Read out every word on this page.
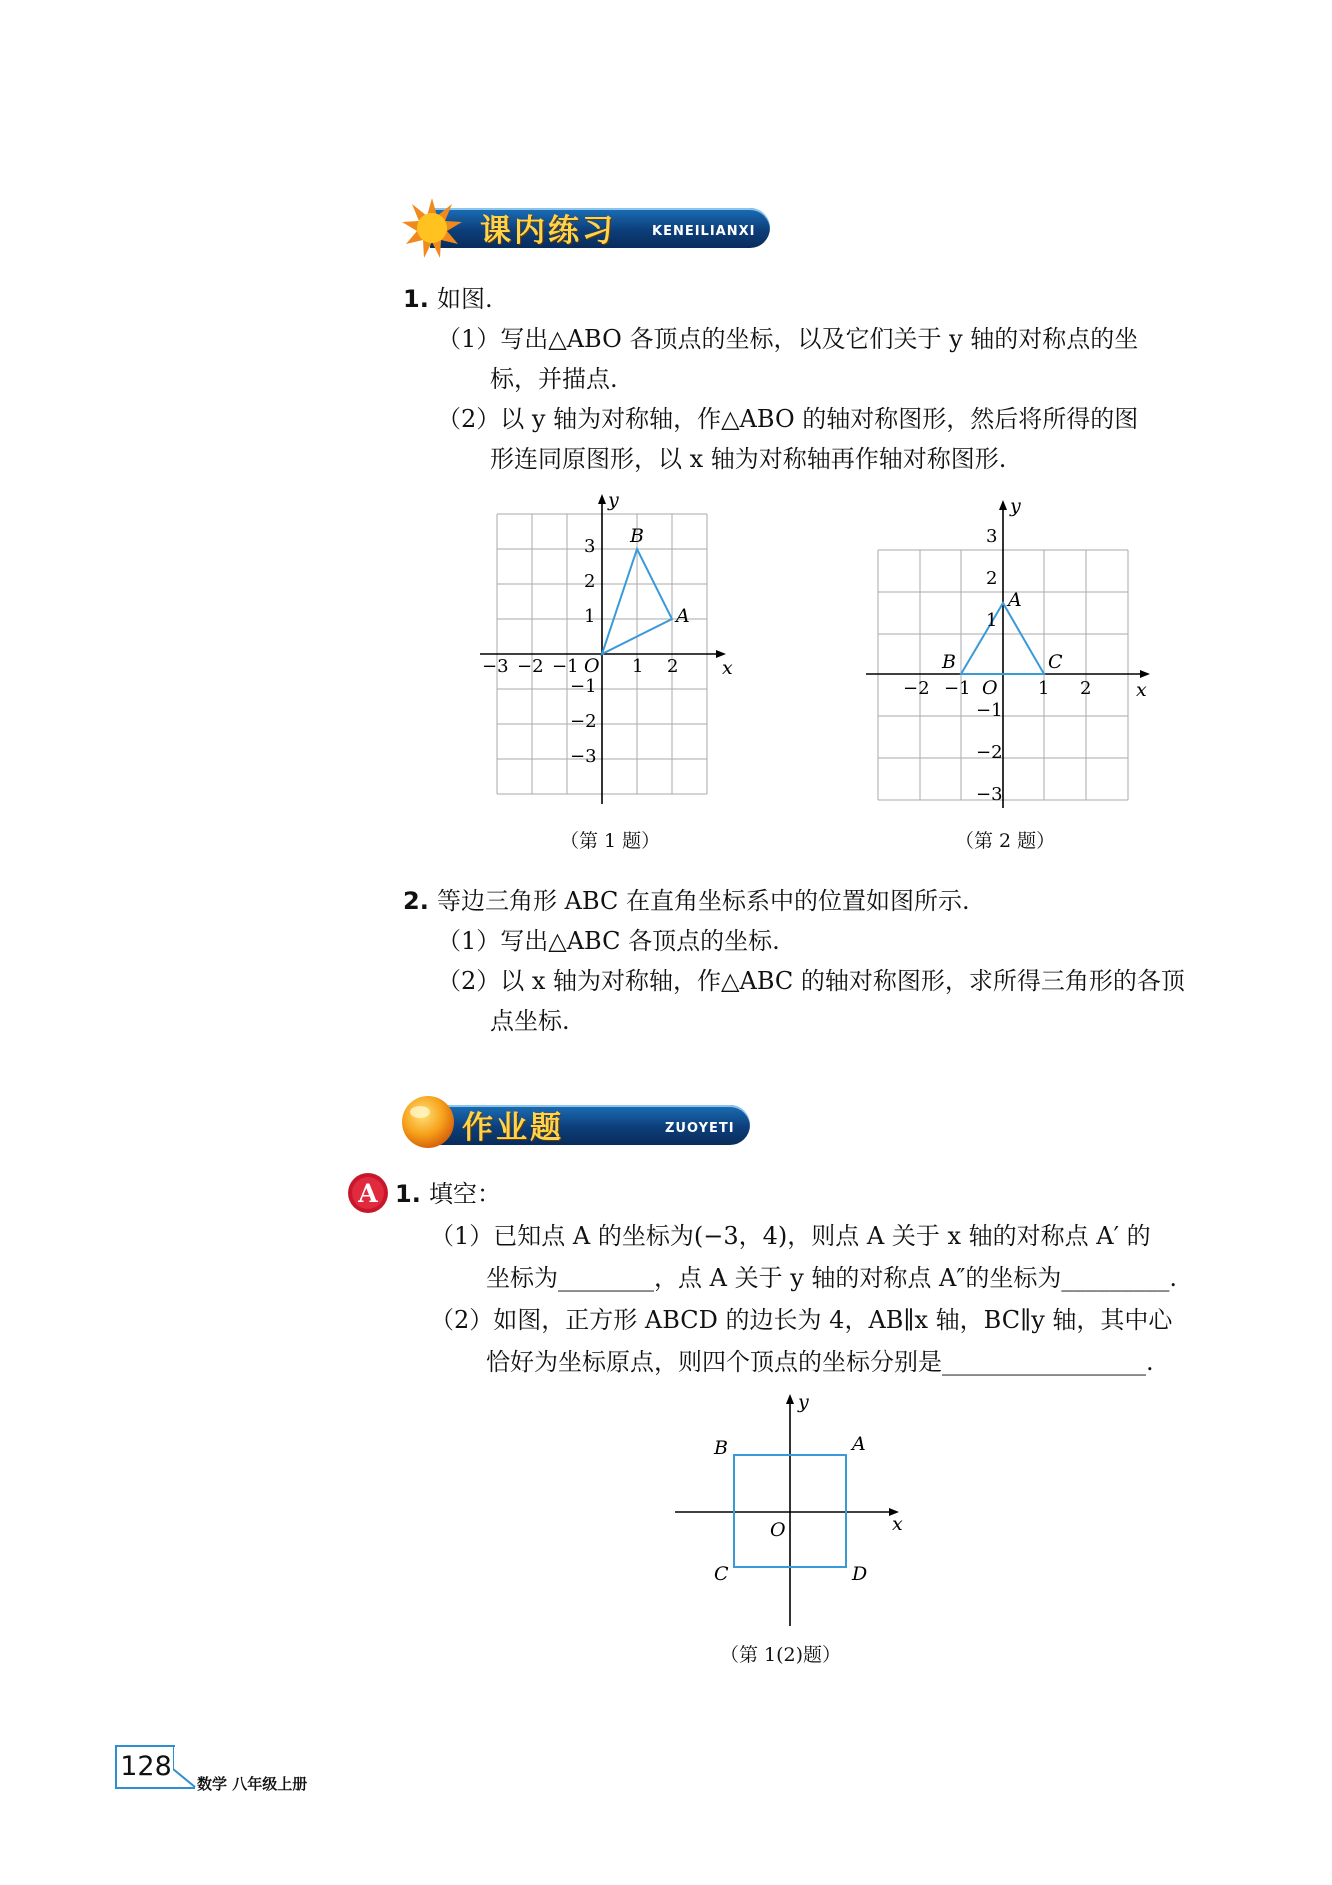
课内练习	KENEILIANXI
1. 如图.
（1）写出△ABO 各顶点的坐标，以及它们关于 y 轴的对称点的坐
标，并描点.
（2）以 y 轴为对称轴，作△ABO 的轴对称图形，然后将所得的图
形连同原图形，以 x 轴为对称轴再作轴对称图形.
x
y
O
B
A
−3 −2 −1	1 2
3
2
1
−1
−2
−3
（第 1 题）
x
y
O
A
B	C
−2 −1	1 2
3
2
1
−1
−2
−3
（第 2 题）
2. 等边三角形 ABC 在直角坐标系中的位置如图所示.
（1）写出△ABC 各顶点的坐标.
（2）以 x 轴为对称轴，作△ABC 的轴对称图形，求所得三角形的各顶
点坐标.
作业题	ZUOYETI
A 1. 填空：
（1）已知点 A 的坐标为(−3，4)，则点 A 关于 x 轴的对称点 A′ 的
坐标为________，点 A 关于 y 轴的对称点 A″的坐标为_________.
（2）如图，正方形 ABCD 的边长为 4，AB∥x 轴，BC∥y 轴，其中心
恰好为坐标原点，则四个顶点的坐标分别是_________________.
x
y
O
A
B
C	D
（第 1(2)题）
128
数学 八年级上册
